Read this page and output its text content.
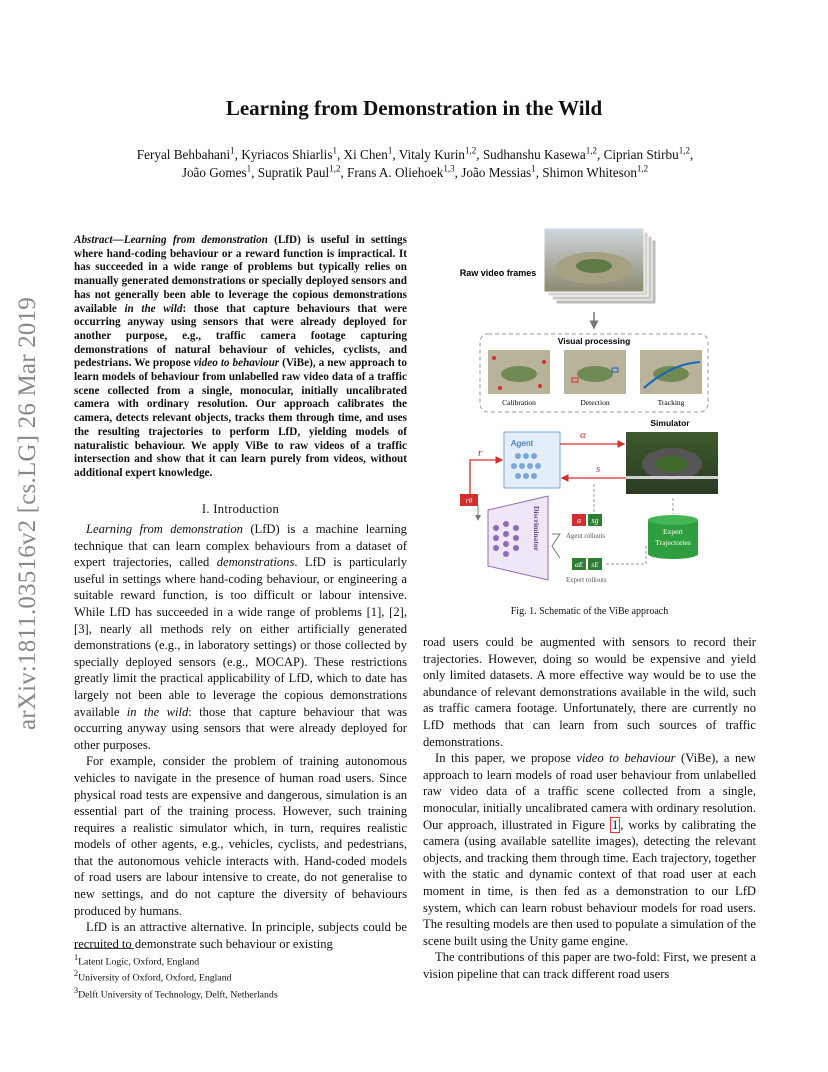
arXiv:1811.03516v2 [cs.LG] 26 Mar 2019
Learning from Demonstration in the Wild
Feryal Behbahani$^1$, Kyriacos Shiarlis$^1$, Xi Chen$^1$, Vitaly Kurin$^{1,2}$, Sudhanshu Kasewa$^{1,2}$, Ciprian Stirbu$^{1,2}$,
João Gomes$^1$, Supratik Paul$^{1,2}$, Frans A. Oliehoek$^{1,3}$, João Messias$^1$, Shimon Whiteson$^{1,2}$
Abstract—Learning from demonstration (LfD) is useful in settings where hand-coding behaviour or a reward function is impractical. It has succeeded in a wide range of problems but typically relies on manually generated demonstrations or specially deployed sensors and has not generally been able to leverage the copious demonstrations available in the wild: those that capture behaviours that were occurring anyway using sensors that were already deployed for another purpose, e.g., traffic camera footage capturing demonstrations of natural behaviour of vehicles, cyclists, and pedestrians. We propose video to behaviour (ViBe), a new approach to learn models of behaviour from unlabelled raw video data of a traffic scene collected from a single, monocular, initially uncalibrated camera with ordinary resolution. Our approach calibrates the camera, detects relevant objects, tracks them through time, and uses the resulting trajectories to perform LfD, yielding models of naturalistic behaviour. We apply ViBe to raw videos of a traffic intersection and show that it can learn purely from videos, without additional expert knowledge.
I. Introduction

Learning from demonstration (LfD) is a machine learning technique that can learn complex behaviours from a dataset of expert trajectories, called demonstrations. LfD is particularly useful in settings where hand-coding behaviour, or engineering a suitable reward function, is too difficult or labour intensive. While LfD has succeeded in a wide range of problems [1], [2], [3], nearly all methods rely on either artificially generated demonstrations (e.g., in laboratory settings) or those collected by specially deployed sensors (e.g., MOCAP). These restrictions greatly limit the practical applicability of LfD, which to date has largely not been able to leverage the copious demonstrations available in the wild: those that capture behaviour that was occurring anyway using sensors that were already deployed for other purposes.

For example, consider the problem of training autonomous vehicles to navigate in the presence of human road users. Since physical road tests are expensive and dangerous, simulation is an essential part of the training process. However, such training requires a realistic simulator which, in turn, requires realistic models of other agents, e.g., vehicles, cyclists, and pedestrians, that the autonomous vehicle interacts with. Hand-coded models of road users are labour intensive to create, do not generalise to new settings, and do not capture the diversity of behaviours produced by humans.

LfD is an attractive alternative. In principle, subjects could be recruited to demonstrate such behaviour or existing

$^1$Latent Logic, Oxford, England
$^2$University of Oxford, Oxford, England
$^3$Delft University of Technology, Delft, Netherlands
Raw video frames
Visual processing
Calibration	Detection	Tracking
Simulator
Agent
α
s
r
rθ
Discriminator	a sg
Agent rollouts
aE sE
Expert rollouts
Expert
Trajectories
Fig. 1. Schematic of the ViBe approach

road users could be augmented with sensors to record their trajectories. However, doing so would be expensive and yield only limited datasets. A more effective way would be to use the abundance of relevant demonstrations available in the wild, such as traffic camera footage. Unfortunately, there are currently no LfD methods that can learn from such sources of traffic demonstrations.

In this paper, we propose video to behaviour (ViBe), a new approach to learn models of road user behaviour from unlabelled raw video data of a traffic scene collected from a single, monocular, initially uncalibrated camera with ordinary resolution. Our approach, illustrated in Figure 1 , works by calibrating the camera (using available satellite images), detecting the relevant objects, and tracking them through time. Each trajectory, together with the static and dynamic context of that road user at each moment in time, is then fed as a demonstration to our LfD system, which can learn robust behaviour models for road users. The resulting models are then used to populate a simulation of the scene built using the Unity game engine.

The contributions of this paper are two-fold: First, we present a vision pipeline that can track different road users
